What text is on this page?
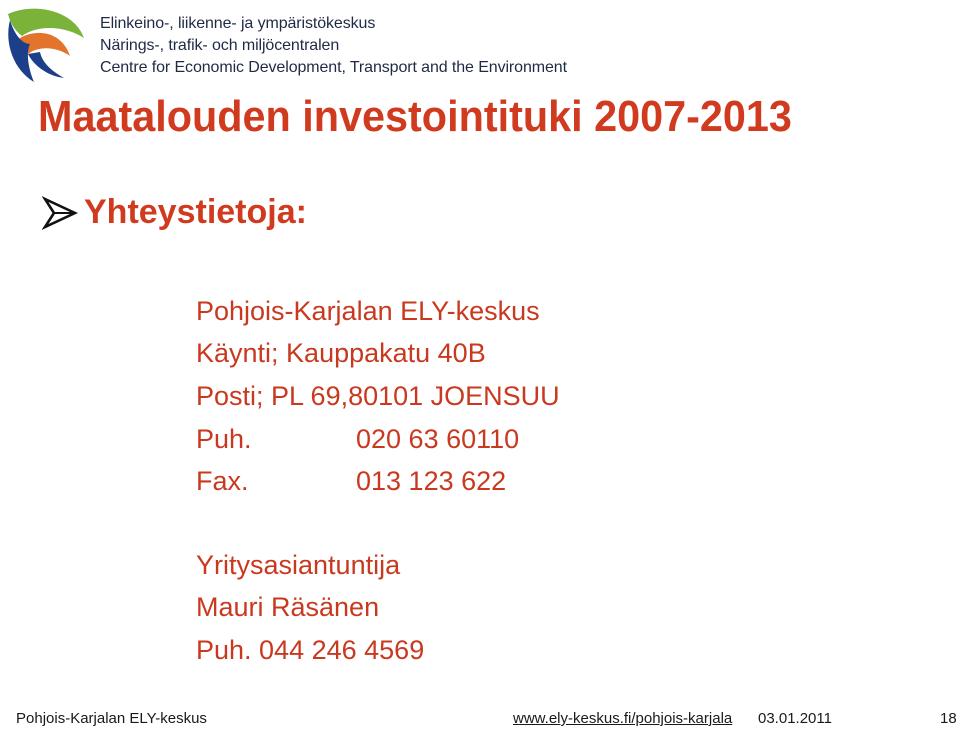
Elinkeino-, liikenne- ja ympäristökeskus
Närings-, trafik- och miljöcentralen
Centre for Economic Development, Transport and the Environment
Maatalouden investointituki 2007-2013
Yhteystietoja:
Pohjois-Karjalan ELY-keskus
Käynti; Kauppakatu 40B
Posti; PL 69,80101 JOENSUU
Puh.	020 63 60110
Fax.	013 123 622
Yritysasiantuntija
Mauri Räsänen
Puh. 044 246 4569
Pohjois-Karjalan ELY-keskus	www.ely-keskus.fi/pohjois-karjala 03.01.2011	18
